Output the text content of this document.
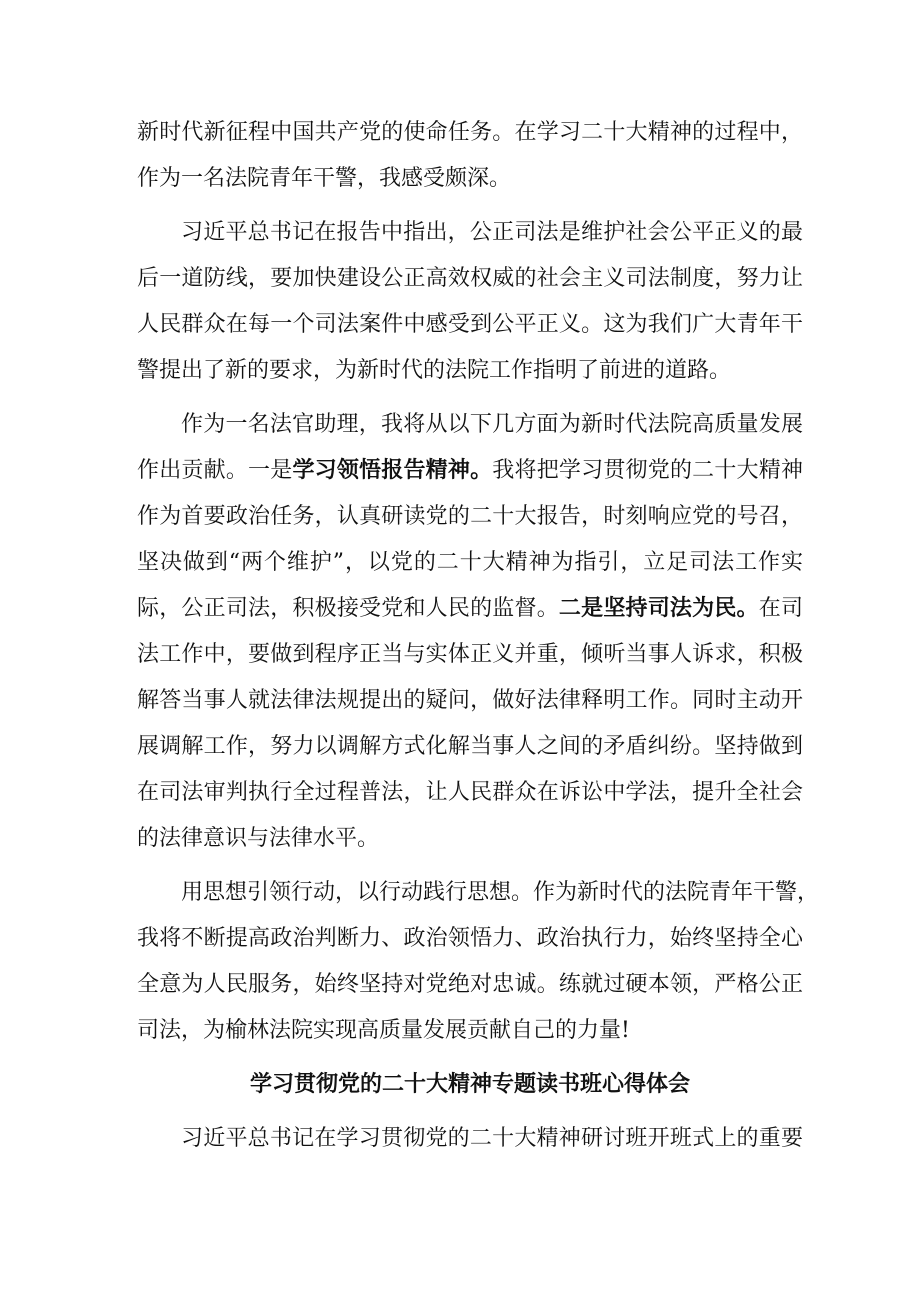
新时代新征程中国共产党的使命任务。在学习二十大精神的过程中，
作为一名法院青年干警，我感受颇深。
习近平总书记在报告中指出，公正司法是维护社会公平正义的最
后一道防线，要加快建设公正高效权威的社会主义司法制度，努力让
人民群众在每一个司法案件中感受到公平正义。这为我们广大青年干
警提出了新的要求，为新时代的法院工作指明了前进的道路。
作为一名法官助理，我将从以下几方面为新时代法院高质量发展
作出贡献。一是学习领悟报告精神。我将把学习贯彻党的二十大精神
作为首要政治任务，认真研读党的二十大报告，时刻响应党的号召，
坚决做到“两个维护”，以党的二十大精神为指引，立足司法工作实
际，公正司法，积极接受党和人民的监督。二是坚持司法为民。在司
法工作中，要做到程序正当与实体正义并重，倾听当事人诉求，积极
解答当事人就法律法规提出的疑问，做好法律释明工作。同时主动开
展调解工作，努力以调解方式化解当事人之间的矛盾纠纷。坚持做到
在司法审判执行全过程普法，让人民群众在诉讼中学法，提升全社会
的法律意识与法律水平。
用思想引领行动，以行动践行思想。作为新时代的法院青年干警，
我将不断提高政治判断力、政治领悟力、政治执行力，始终坚持全心
全意为人民服务，始终坚持对党绝对忠诚。练就过硬本领，严格公正
司法，为榆林法院实现高质量发展贡献自己的力量!
学习贯彻党的二十大精神专题读书班心得体会
习近平总书记在学习贯彻党的二十大精神研讨班开班式上的重要
